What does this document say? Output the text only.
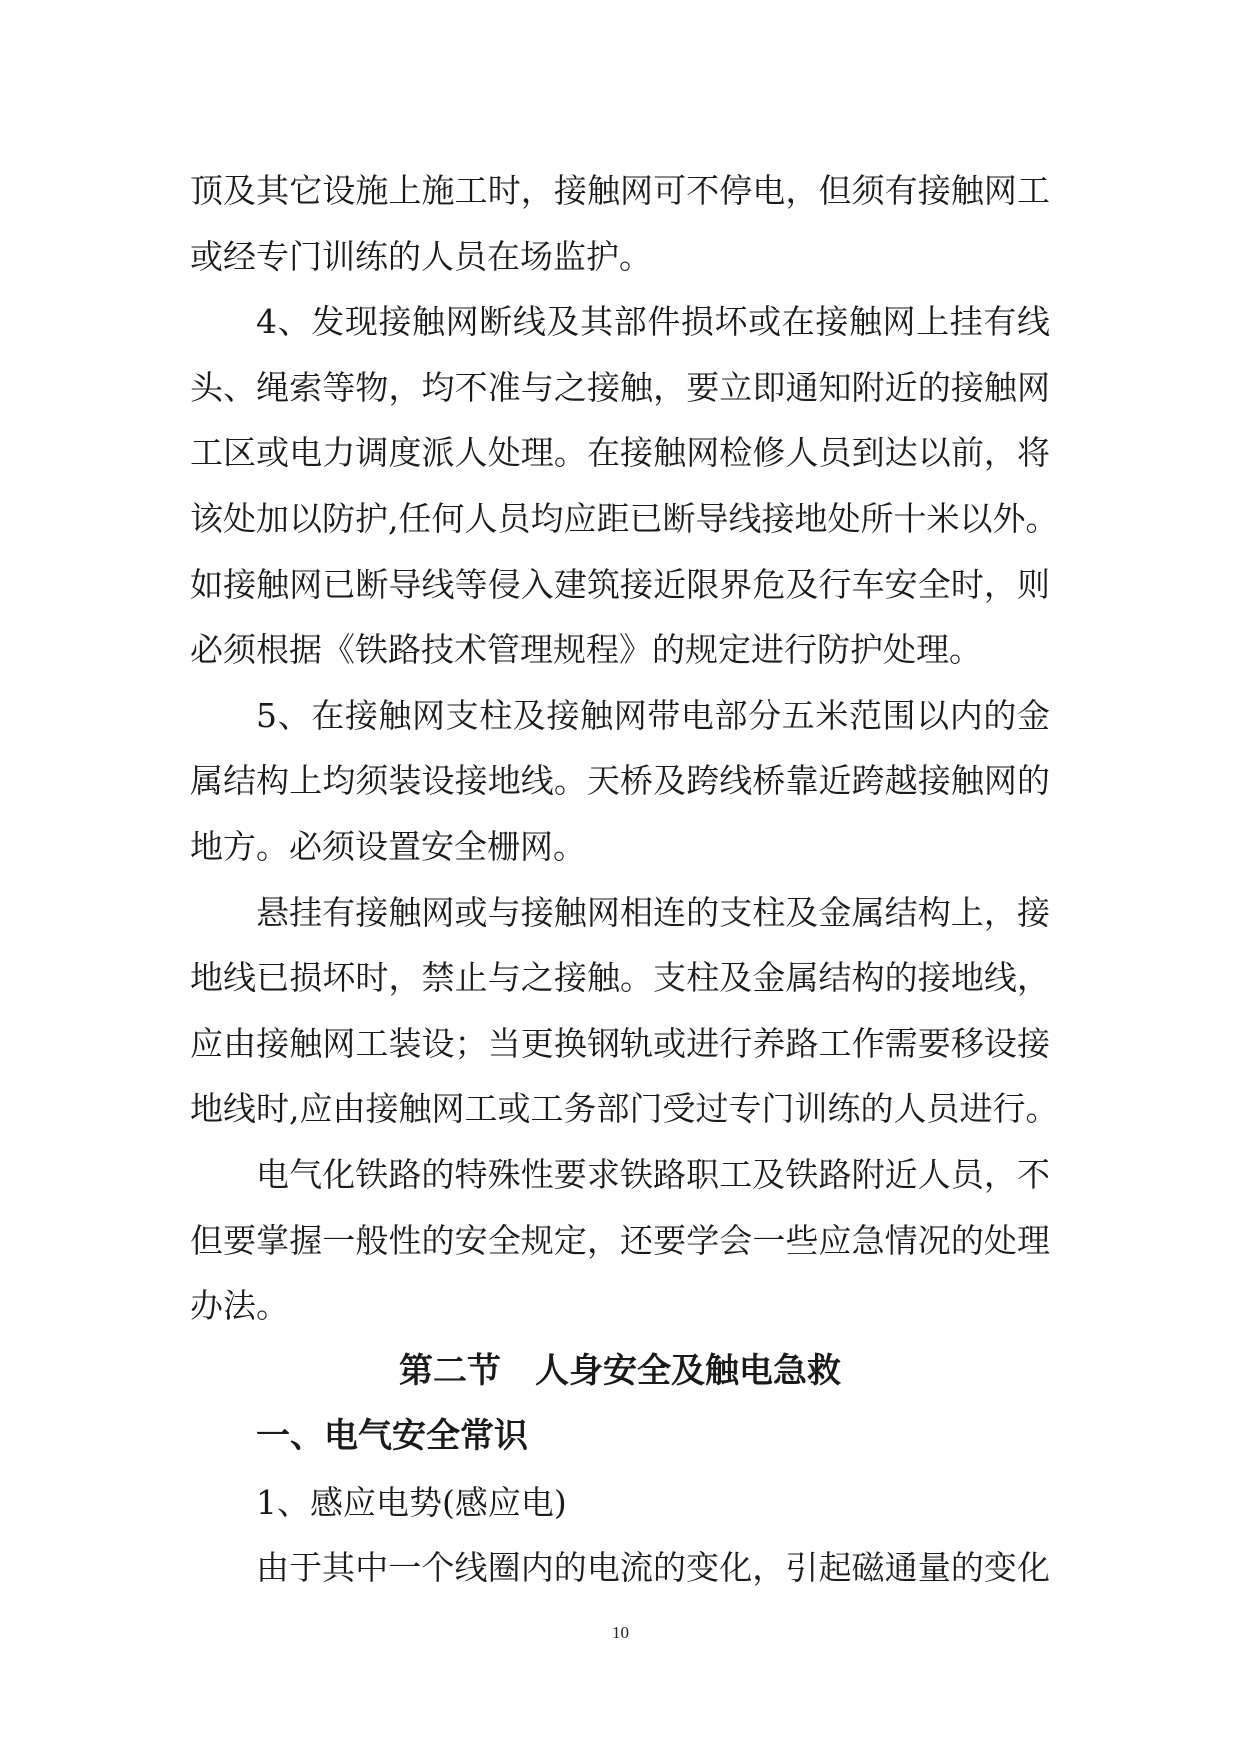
顶及其它设施上施工时，接触网可不停电，但须有接触网工
或经专门训练的人员在场监护。
4、发现接触网断线及其部件损坏或在接触网上挂有线
头、绳索等物，均不准与之接触，要立即通知附近的接触网
工区或电力调度派人处理。在接触网检修人员到达以前，将
该处加以防护,任何人员均应距已断导线接地处所十米以外。
如接触网已断导线等侵入建筑接近限界危及行车安全时，则
必须根据《铁路技术管理规程》的规定进行防护处理。
5、在接触网支柱及接触网带电部分五米范围以内的金
属结构上均须装设接地线。天桥及跨线桥靠近跨越接触网的
地方。必须设置安全栅网。
悬挂有接触网或与接触网相连的支柱及金属结构上，接
地线已损坏时，禁止与之接触。支柱及金属结构的接地线，
应由接触网工装设；当更换钢轨或进行养路工作需要移设接
地线时,应由接触网工或工务部门受过专门训练的人员进行。
电气化铁路的特殊性要求铁路职工及铁路附近人员，不
但要掌握一般性的安全规定，还要学会一些应急情况的处理
办法。
第二节　人身安全及触电急救
一、电气安全常识
1、感应电势(感应电)
由于其中一个线圈内的电流的变化，引起磁通量的变化
10
